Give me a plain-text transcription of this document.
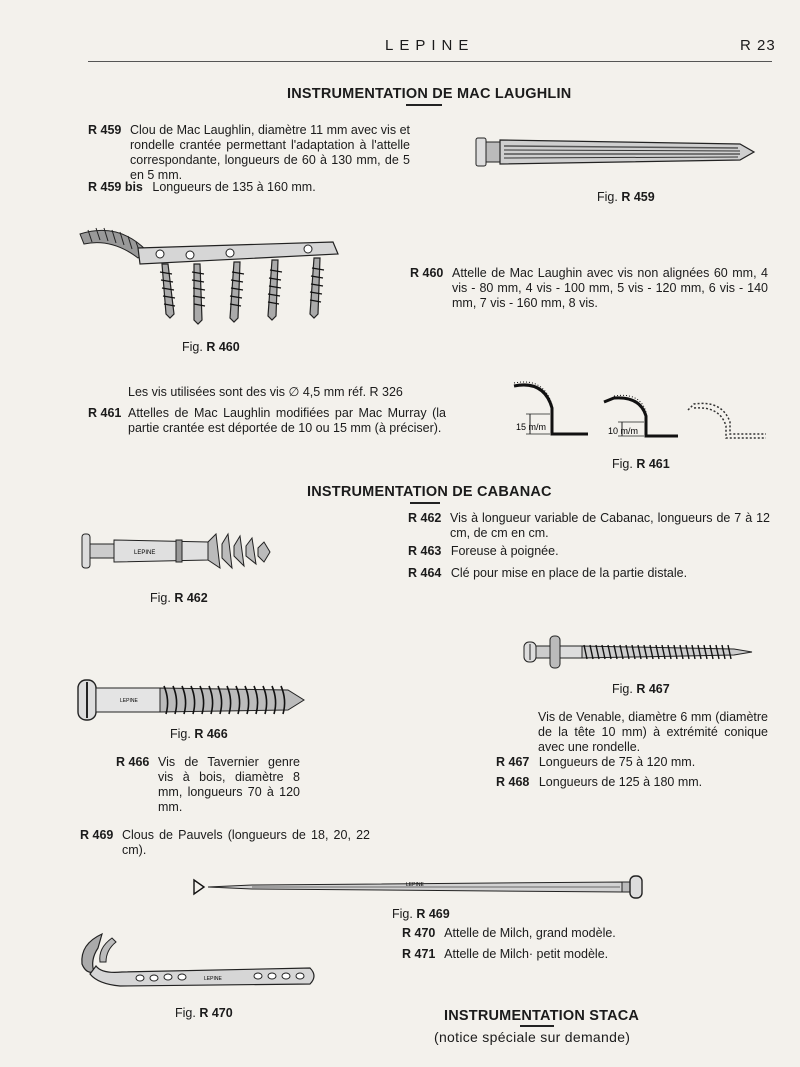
LEPINE	R 23
INSTRUMENTATION DE MAC LAUGHLIN
R 459 Clou de Mac Laughlin, diamètre 11 mm avec vis et rondelle crantée permettant l'adaptation à l'attelle correspondante, longueurs de 60 à 130 mm, de 5 en 5 mm.
R 459 bis Longueurs de 135 à 160 mm.
Fig. R 459
Fig. R 460
R 460 Attelle de Mac Laughin avec vis non alignées 60 mm, 4 vis - 80 mm, 4 vis - 100 mm, 5 vis - 120 mm, 6 vis - 140 mm, 7 vis - 160 mm, 8 vis.
Les vis utilisées sont des vis ∅ 4,5 mm réf. R 326
R 461 Attelles de Mac Laughlin modifiées par Mac Murray (la partie crantée est déportée de 10 ou 15 mm (à préciser).	15 m/m	10 m/m
Fig. R 461
INSTRUMENTATION DE CABANAC
R 462 Vis à longueur variable de Cabanac, longueurs de 7 à 12 cm, de cm en cm.
R 463 Foreuse à poignée.
R 464 Clé pour mise en place de la partie distale.
LEPINE
Fig. R 462
Fig. R 467
Vis de Venable, diamètre 6 mm (diamètre de la tête 10 mm) à extrémité conique avec une rondelle.
R 467 Longueurs de 75 à 120 mm.
R 468 Longueurs de 125 à 180 mm.
LEPINE
Fig. R 466
R 466 Vis de Tavernier genre vis à bois, diamètre 8 mm, longueurs 70 à 120 mm.
R 469 Clous de Pauvels (longueurs de 18, 20, 22 cm).
LEPINE
Fig. R 469
R 470 Attelle de Milch, grand modèle.
R 471 Attelle de Milch· petit modèle.
LEPINE
Fig. R 470	INSTRUMENTATION STACA
(notice spéciale sur demande)
